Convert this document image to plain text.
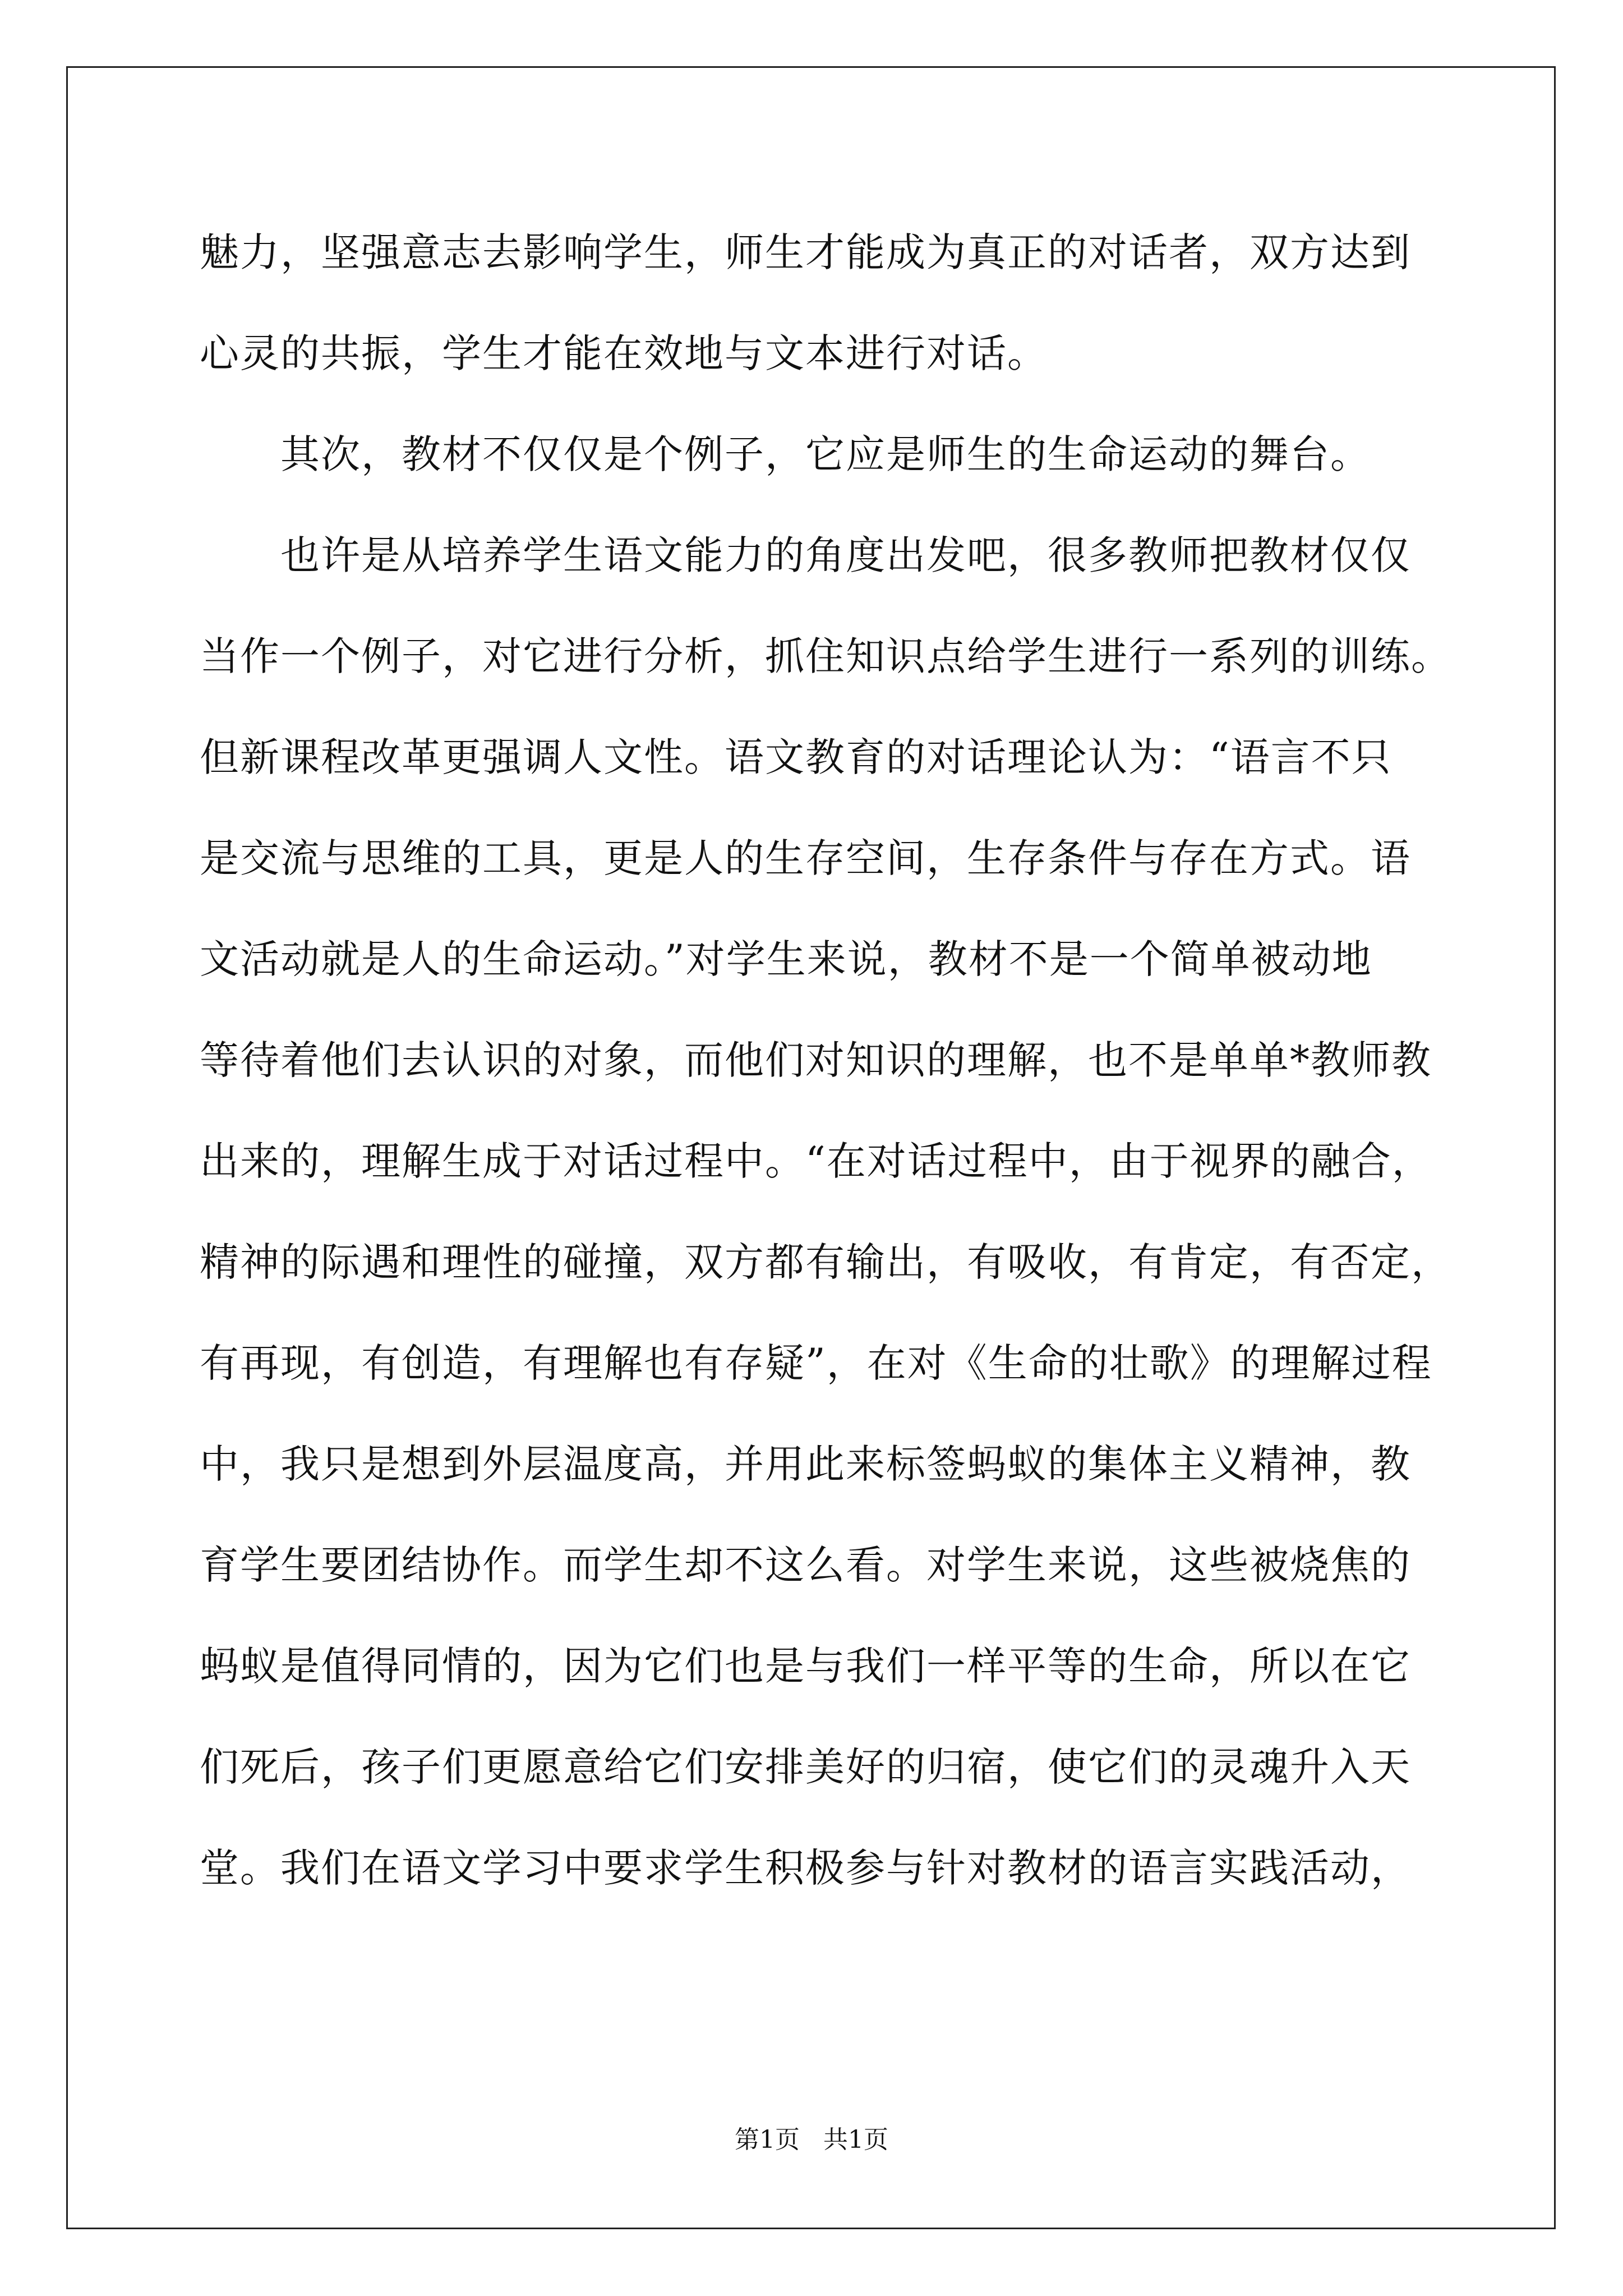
魅力，坚强意志去影响学生，师生才能成为真正的对话者，双方达到
心灵的共振，学生才能在效地与文本进行对话。
其次，教材不仅仅是个例子，它应是师生的生命运动的舞台。
也许是从培养学生语文能力的角度出发吧，很多教师把教材仅仅
当作一个例子，对它进行分析，抓住知识点给学生进行一系列的训练。
但新课程改革更强调人文性。语文教育的对话理论认为：“语言不只
是交流与思维的工具，更是人的生存空间，生存条件与存在方式。语
文活动就是人的生命运动。”对学生来说，教材不是一个简单被动地
等待着他们去认识的对象，而他们对知识的理解，也不是单单*教师教
出来的，理解生成于对话过程中。“在对话过程中，由于视界的融合，
精神的际遇和理性的碰撞，双方都有输出，有吸收，有肯定，有否定，
有再现，有创造，有理解也有存疑”，在对《生命的壮歌》的理解过程
中，我只是想到外层温度高，并用此来标签蚂蚁的集体主义精神，教
育学生要团结协作。而学生却不这么看。对学生来说，这些被烧焦的
蚂蚁是值得同情的，因为它们也是与我们一样平等的生命，所以在它
们死后，孩子们更愿意给它们安排美好的归宿，使它们的灵魂升入天
堂。我们在语文学习中要求学生积极参与针对教材的语言实践活动，
第1页   共1页
